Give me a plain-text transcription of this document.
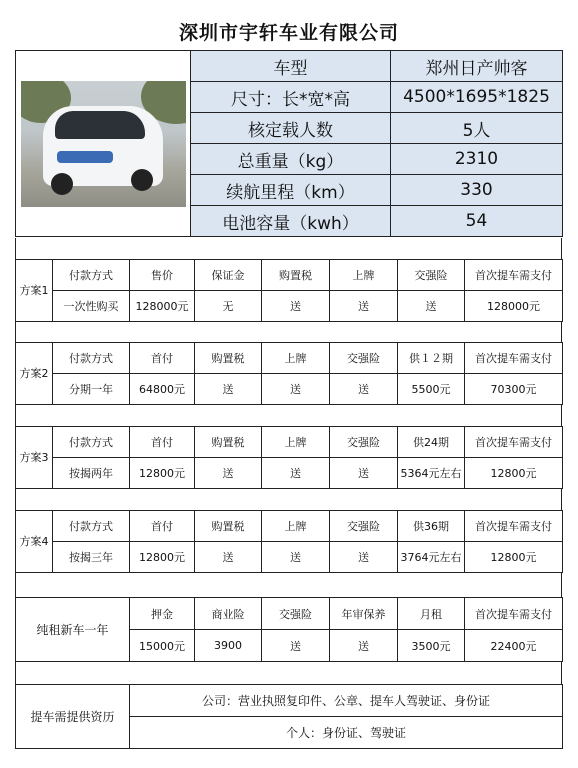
深圳市宇轩车业有限公司
	车型	郑州日产帅客
	尺寸：长*宽*高	4500*1695*1825
	核定载人数	5人
	总重量（kg）	2310
	续航里程（km）	330
	电池容量（kwh）	54
方案1	付款方式	售价	保证金	购置税	上牌	交强险	首次提车需支付
	一次性购买	128000元	无	送	送	送	128000元
方案2	付款方式	首付	购置税	上牌	交强险	供１２期	首次提车需支付
	分期一年	64800元	送	送	送	5500元	70300元
方案3	付款方式	首付	购置税	上牌	交强险	供24期	首次提车需支付
	按揭两年	12800元	送	送	送	5364元左右	12800元
方案4	付款方式	首付	购置税	上牌	交强险	供36期	首次提车需支付
	按揭三年	12800元	送	送	送	3764元左右	12800元
纯租新车一年	押金	商业险	交强险	年审保养	月租	首次提车需支付
	15000元	3900	送	送	3500元	22400元
提车需提供资历	公司：营业执照复印件、公章、提车人驾驶证、身份证
个人：身份证、驾驶证
